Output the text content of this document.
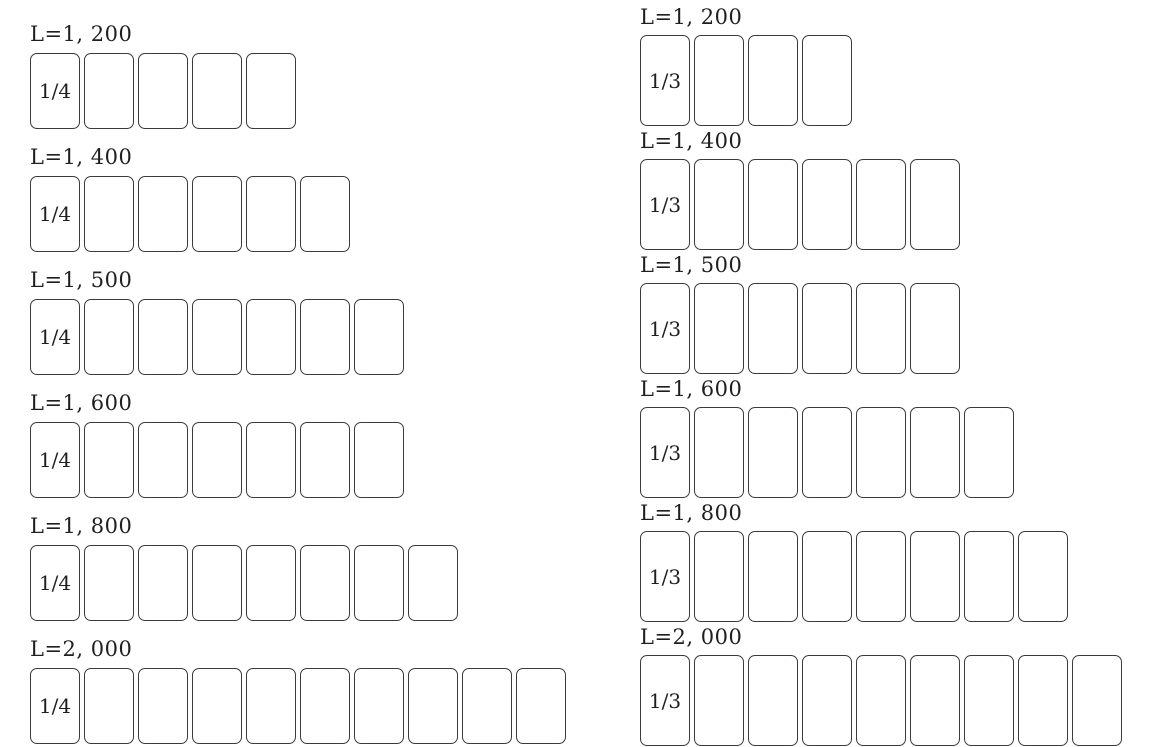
L=1, 200
1/4
L=1, 400
1/4
L=1, 500
1/4
L=1, 600
1/4
L=1, 800
1/4
L=2, 000
1/4
L=1, 200
1/3
L=1, 400
1/3
L=1, 500
1/3
L=1, 600
1/3
L=1, 800
1/3
L=2, 000
1/3
